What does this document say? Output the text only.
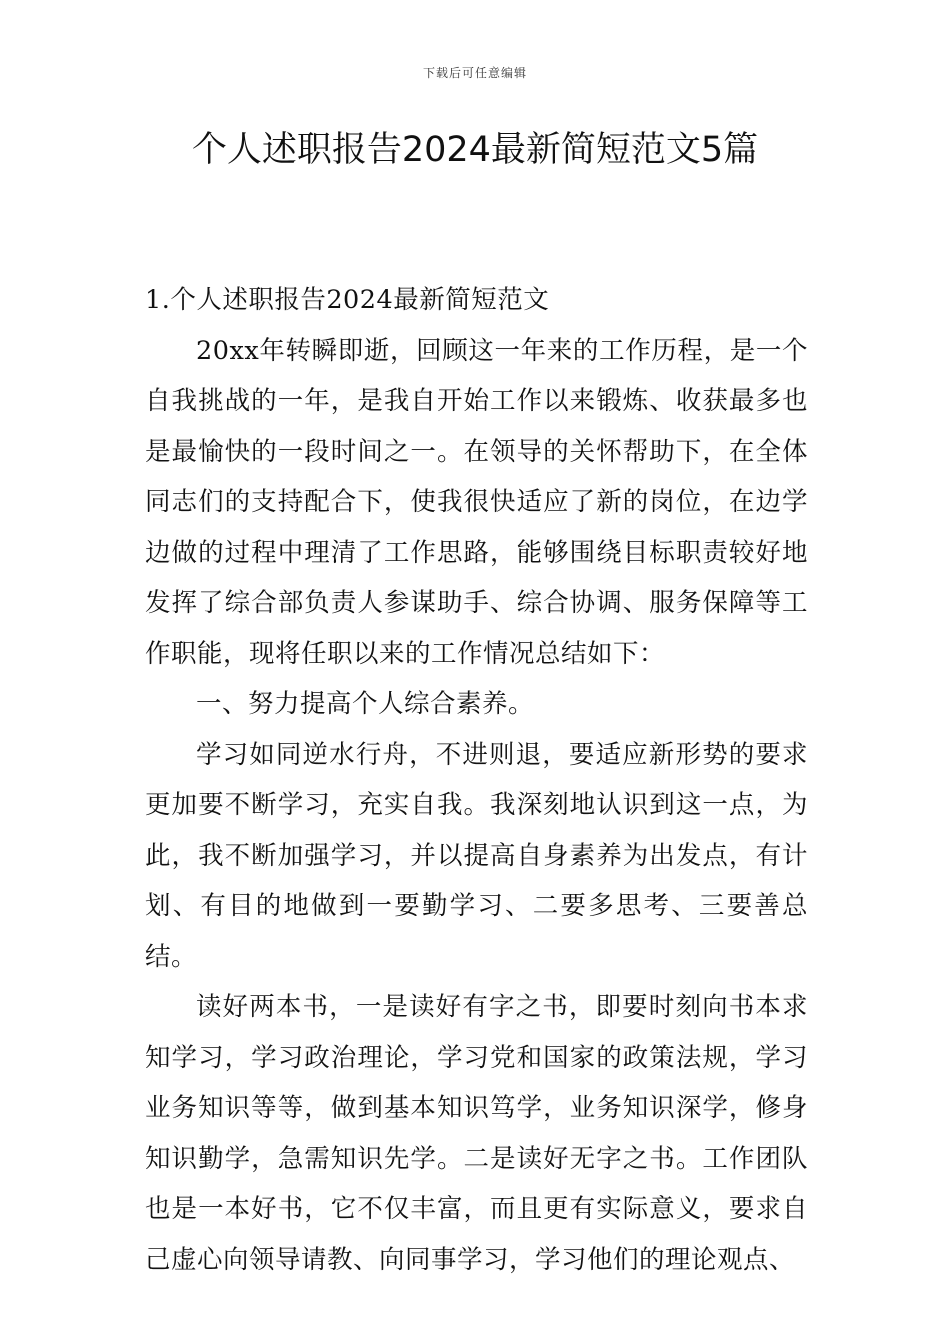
下载后可任意编辑
个人述职报告2024最新简短范文5篇

1.个人述职报告2024最新简短范文

20xx年转瞬即逝，回顾这一年来的工作历程，是一个自我挑战的一年，是我自开始工作以来锻炼、收获最多也是最愉快的一段时间之一。在领导的关怀帮助下，在全体同志们的支持配合下，使我很快适应了新的岗位，在边学边做的过程中理清了工作思路，能够围绕目标职责较好地发挥了综合部负责人参谋助手、综合协调、服务保障等工作职能，现将任职以来的工作情况总结如下：

一、努力提高个人综合素养。

学习如同逆水行舟，不进则退，要适应新形势的要求更加要不断学习，充实自我。我深刻地认识到这一点，为此，我不断加强学习，并以提高自身素养为出发点，有计划、有目的地做到一要勤学习、二要多思考、三要善总结。

读好两本书，一是读好有字之书，即要时刻向书本求知学习，学习政治理论，学习党和国家的政策法规，学习业务知识等等，做到基本知识笃学，业务知识深学，修身知识勤学，急需知识先学。二是读好无字之书。工作团队也是一本好书，它不仅丰富，而且更有实际意义，要求自己虚心向领导请教、向同事学习，学习他们的理论观点、
